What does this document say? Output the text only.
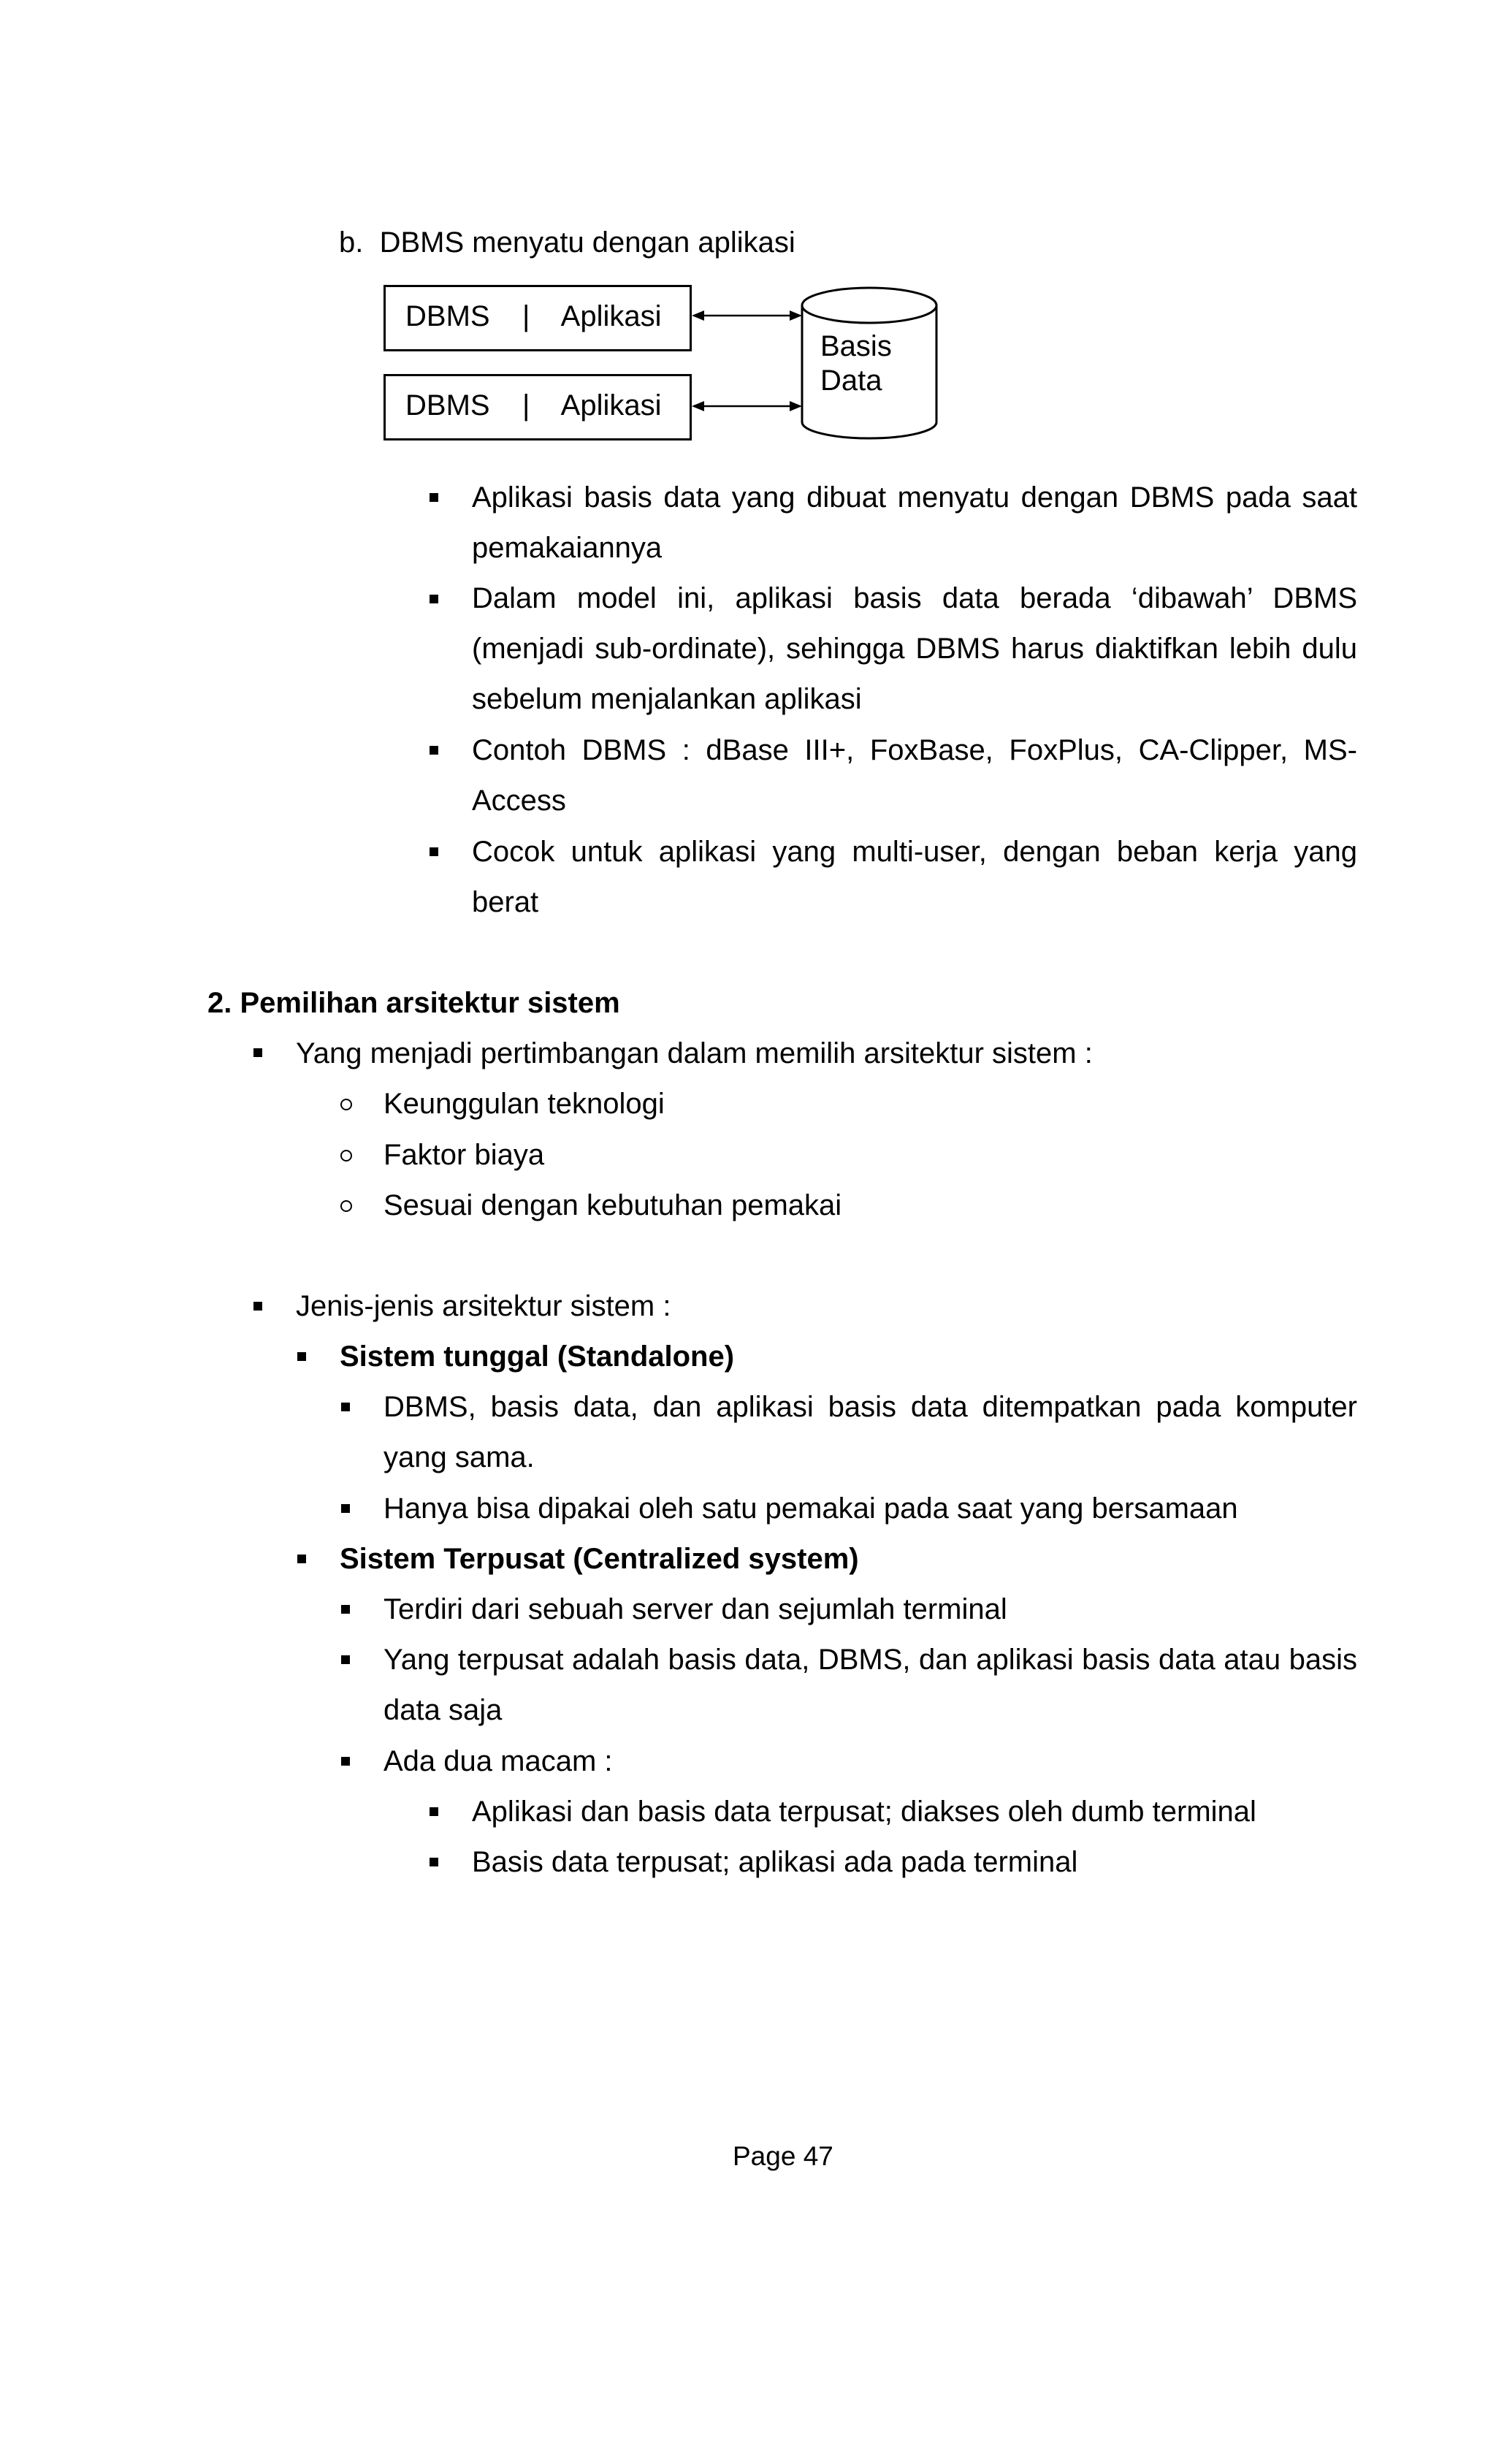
b.  DBMS menyatu dengan aplikasi
DBMS    |    Aplikasi
DBMS    |    Aplikasi
Basis
Data
Aplikasi basis data yang dibuat menyatu dengan DBMS pada saat pemakaiannya
Dalam model ini, aplikasi basis data berada ‘dibawah’ DBMS (menjadi sub-ordinate), sehingga DBMS harus diaktifkan lebih dulu sebelum menjalankan aplikasi
Contoh DBMS : dBase III+, FoxBase, FoxPlus, CA-Clipper, MS-Access
Cocok untuk aplikasi yang multi-user, dengan beban kerja yang berat
2. Pemilihan arsitektur sistem
Yang menjadi pertimbangan dalam memilih arsitektur sistem :
Keunggulan teknologi
Faktor biaya
Sesuai dengan kebutuhan pemakai
Jenis-jenis arsitektur sistem :
Sistem tunggal (Standalone)
DBMS, basis data, dan aplikasi basis data ditempatkan pada komputer yang sama.
Hanya bisa dipakai oleh satu pemakai pada saat yang bersamaan
Sistem Terpusat (Centralized system)
Terdiri dari sebuah server dan sejumlah terminal
Yang terpusat adalah basis data, DBMS, dan aplikasi basis data atau basis data saja
Ada dua macam :
Aplikasi dan basis data terpusat; diakses oleh dumb terminal
Basis data terpusat; aplikasi ada pada terminal
Page 47
